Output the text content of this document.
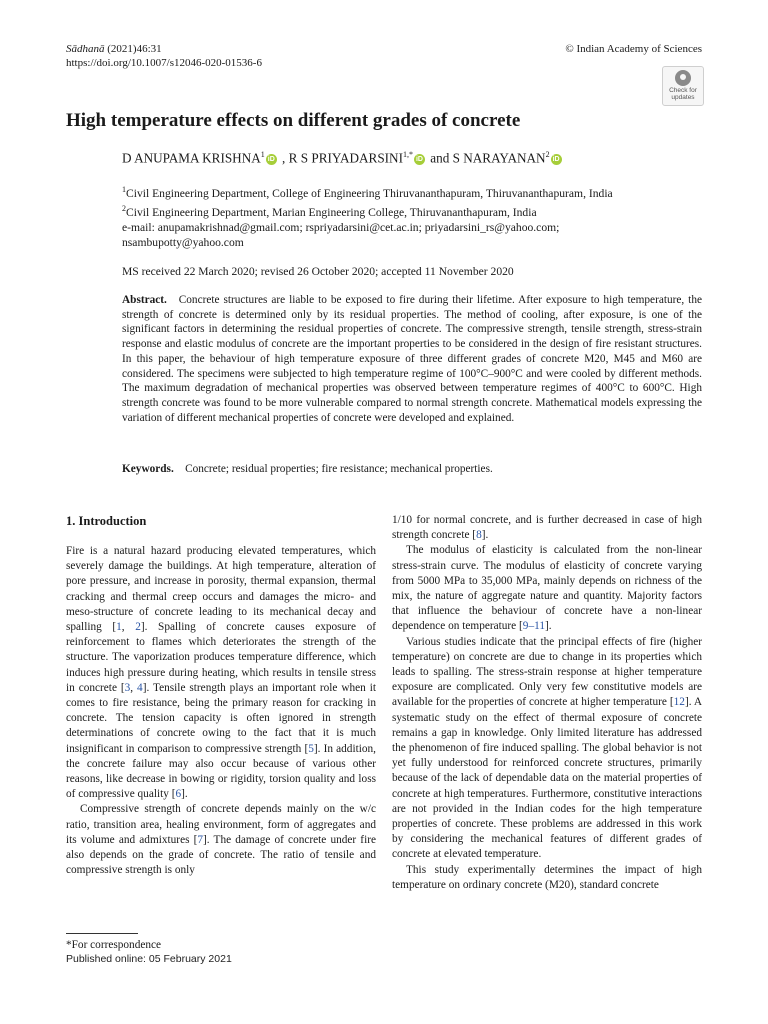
Sādhanā (2021)46:31
https://doi.org/10.1007/s12046-020-01536-6
© Indian Academy of Sciences
Check for
updates
High temperature effects on different grades of concrete
D ANUPAMA KRISHNA$^1$iD , R S $PRIYADARSINI^{1,*}iD$ and S NARAYANAN$^2$iD
$^1$Civil Engineering Department, College of Engineering Thiruvananthapuram, Thiruvananthapuram, India
$^2$Civil Engineering Department, Marian Engineering College, Thiruvananthapuram, India
e-mail: anupamakrishnad@gmail.com; rspriyadarsini@cet.ac.in; priyadarsini_rs@yahoo.com;
nsambupotty@yahoo.com
MS received 22 March 2020; revised 26 October 2020; accepted 11 November 2020
Abstract. Concrete structures are liable to be exposed to fire during their lifetime. After exposure to high temperature, the strength of concrete is determined only by its residual properties. The method of cooling, after exposure, is one of the significant factors in determining the residual properties of concrete. The compressive strength, tensile strength, stress-strain response and elastic modulus of concrete are the important properties to be considered in the design of fire resistant structures. In this paper, the behaviour of high temperature exposure of three different grades of concrete M20, M45 and M60 are considered. The specimens were subjected to high temperature regime of 100°C–900°C and were cooled by different methods. The maximum degradation of mechanical properties was observed between temperature regimes of 400°C to 600°C. High strength concrete was found to be more vulnerable compared to normal strength concrete. Mathematical models expressing the variation of different mechanical properties of concrete were developed and explained.
Keywords. Concrete; residual properties; fire resistance; mechanical properties.
1. Introduction

Fire is a natural hazard producing elevated temperatures, which severely damage the buildings. At high temperature, alteration of pore pressure, and increase in porosity, thermal expansion, thermal cracking and thermal creep occurs and damages the micro- and meso-structure of concrete leading to its mechanical decay and spalling [1, 2]. Spalling of concrete causes exposure of reinforcement to flames which deteriorates the strength of the structure. The vaporization produces temperature difference, which induces high pressure during heating, which results in tensile stress in concrete [3, 4]. Tensile strength plays an important role when it comes to fire resistance, being the primary reason for cracking in concrete. The tension capacity is often ignored in strength determinations of concrete owing to the fact that it is much insignificant in comparison to compressive strength [5]. In addition, the concrete failure may also occur because of various other reasons, like decrease in bowing or rigidity, torsion quality and loss of compressive quality [6].

Compressive strength of concrete depends mainly on the w/c ratio, transition area, healing environment, form of aggregates and its volume and admixtures [7]. The damage of concrete under fire also depends on the grade of concrete. The ratio of tensile and compressive strength is only

1/10 for normal concrete, and is further decreased in case of high strength concrete [8].

The modulus of elasticity is calculated from the non-linear stress-strain curve. The modulus of elasticity of concrete varying from 5000 MPa to 35,000 MPa, mainly depends on richness of the mix, the nature of aggregate nature and quantity. Majority factors that influence the behaviour of concrete have a non-linear dependence on temperature [9–11].

Various studies indicate that the principal effects of fire (higher temperature) on concrete are due to change in its properties which leads to spalling. The stress-strain response at higher temperature exposure are complicated. Only very few constitutive models are available for the properties of concrete at higher temperature [12]. A systematic study on the effect of thermal exposure of concrete remains a gap in knowledge. Only limited literature has addressed the phenomenon of fire induced spalling. The global behavior is not yet fully understood for reinforced concrete structures, primarily because of the lack of dependable data on the material properties of concrete at high temperatures. Furthermore, constitutive interactions are not provided in the Indian codes for the high temperature properties of concrete. These problems are addressed in this work by considering the mechanical features of different grades of concrete at elevated temperature.

This study experimentally determines the impact of high temperature on ordinary concrete (M20), standard concrete

*For correspondence
Published online: 05 February 2021
